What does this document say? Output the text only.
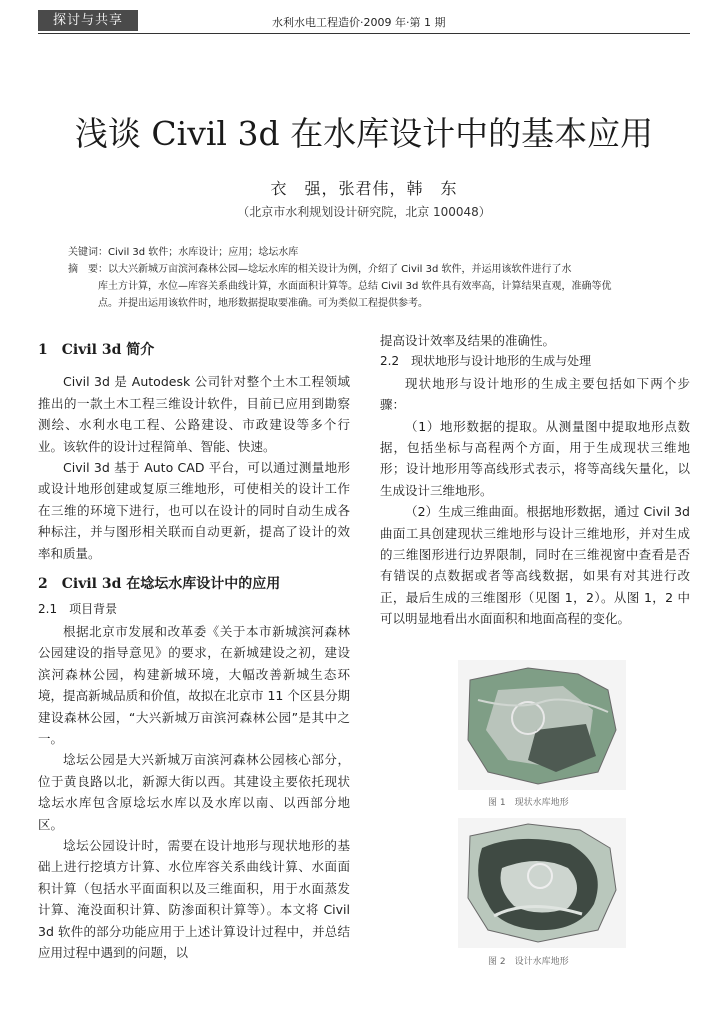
探讨与共享	水利水电工程造价·2009 年·第 1 期
浅谈 Civil 3d 在水库设计中的基本应用
衣　强，张君伟，韩　东
（北京市水利规划设计研究院，北京 100048）

关键词：Civil 3d 软件；水库设计；应用；埝坛水库

摘　要：以大兴新城万亩滨河森林公园—埝坛水库的相关设计为例，介绍了 Civil 3d 软件，并运用该软件进行了水

库土方计算，水位—库容关系曲线计算，水面面积计算等。总结 Civil 3d 软件具有效率高，计算结果直观，准确等优

点。并提出运用该软件时，地形数据提取要准确。可为类似工程提供参考。

1　Civil 3d 简介

Civil 3d 是 Autodesk 公司针对整个土木工程领域推出的一款土木工程三维设计软件，目前已应用到勘察测绘、水利水电工程、公路建设、市政建设等多个行业。该软件的设计过程简单、智能、快速。

Civil 3d 基于 Auto CAD 平台，可以通过测量地形或设计地形创建或复原三维地形，可使相关的设计工作在三维的环境下进行，也可以在设计的同时自动生成各种标注，并与图形相关联而自动更新，提高了设计的效率和质量。

2　Civil 3d 在埝坛水库设计中的应用

2.1　项目背景

根据北京市发展和改革委《关于本市新城滨河森林公园建设的指导意见》的要求，在新城建设之初，建设滨河森林公园，构建新城环境，大幅改善新城生态环境，提高新城品质和价值，故拟在北京市 11 个区县分期建设森林公园，“大兴新城万亩滨河森林公园”是其中之一。

埝坛公园是大兴新城万亩滨河森林公园核心部分，位于黄良路以北，新源大街以西。其建设主要依托现状埝坛水库包含原埝坛水库以及水库以南、以西部分地区。

埝坛公园设计时，需要在设计地形与现状地形的基础上进行挖填方计算、水位库容关系曲线计算、水面面积计算（包括水平面面积以及三维面积，用于水面蒸发计算、淹没面积计算、防渗面积计算等）。本文将 Civil 3d 软件的部分功能应用于上述计算设计过程中，并总结应用过程中遇到的问题，以

提高设计效率及结果的准确性。

2.2　现状地形与设计地形的生成与处理

现状地形与设计地形的生成主要包括如下两个步骤：

（1）地形数据的提取。从测量图中提取地形点数据，包括坐标与高程两个方面，用于生成现状三维地形；设计地形用等高线形式表示，将等高线矢量化，以生成设计三维地形。

（2）生成三维曲面。根据地形数据，通过 Civil 3d 曲面工具创建现状三维地形与设计三维地形，并对生成的三维图形进行边界限制，同时在三维视窗中查看是否有错误的点数据或者等高线数据，如果有对其进行改正，最后生成的三维图形（见图 1，2）。从图 1，2 中可以明显地看出水面面积和地面高程的变化。

图 1　现状水库地形
图 2　设计水库地形
